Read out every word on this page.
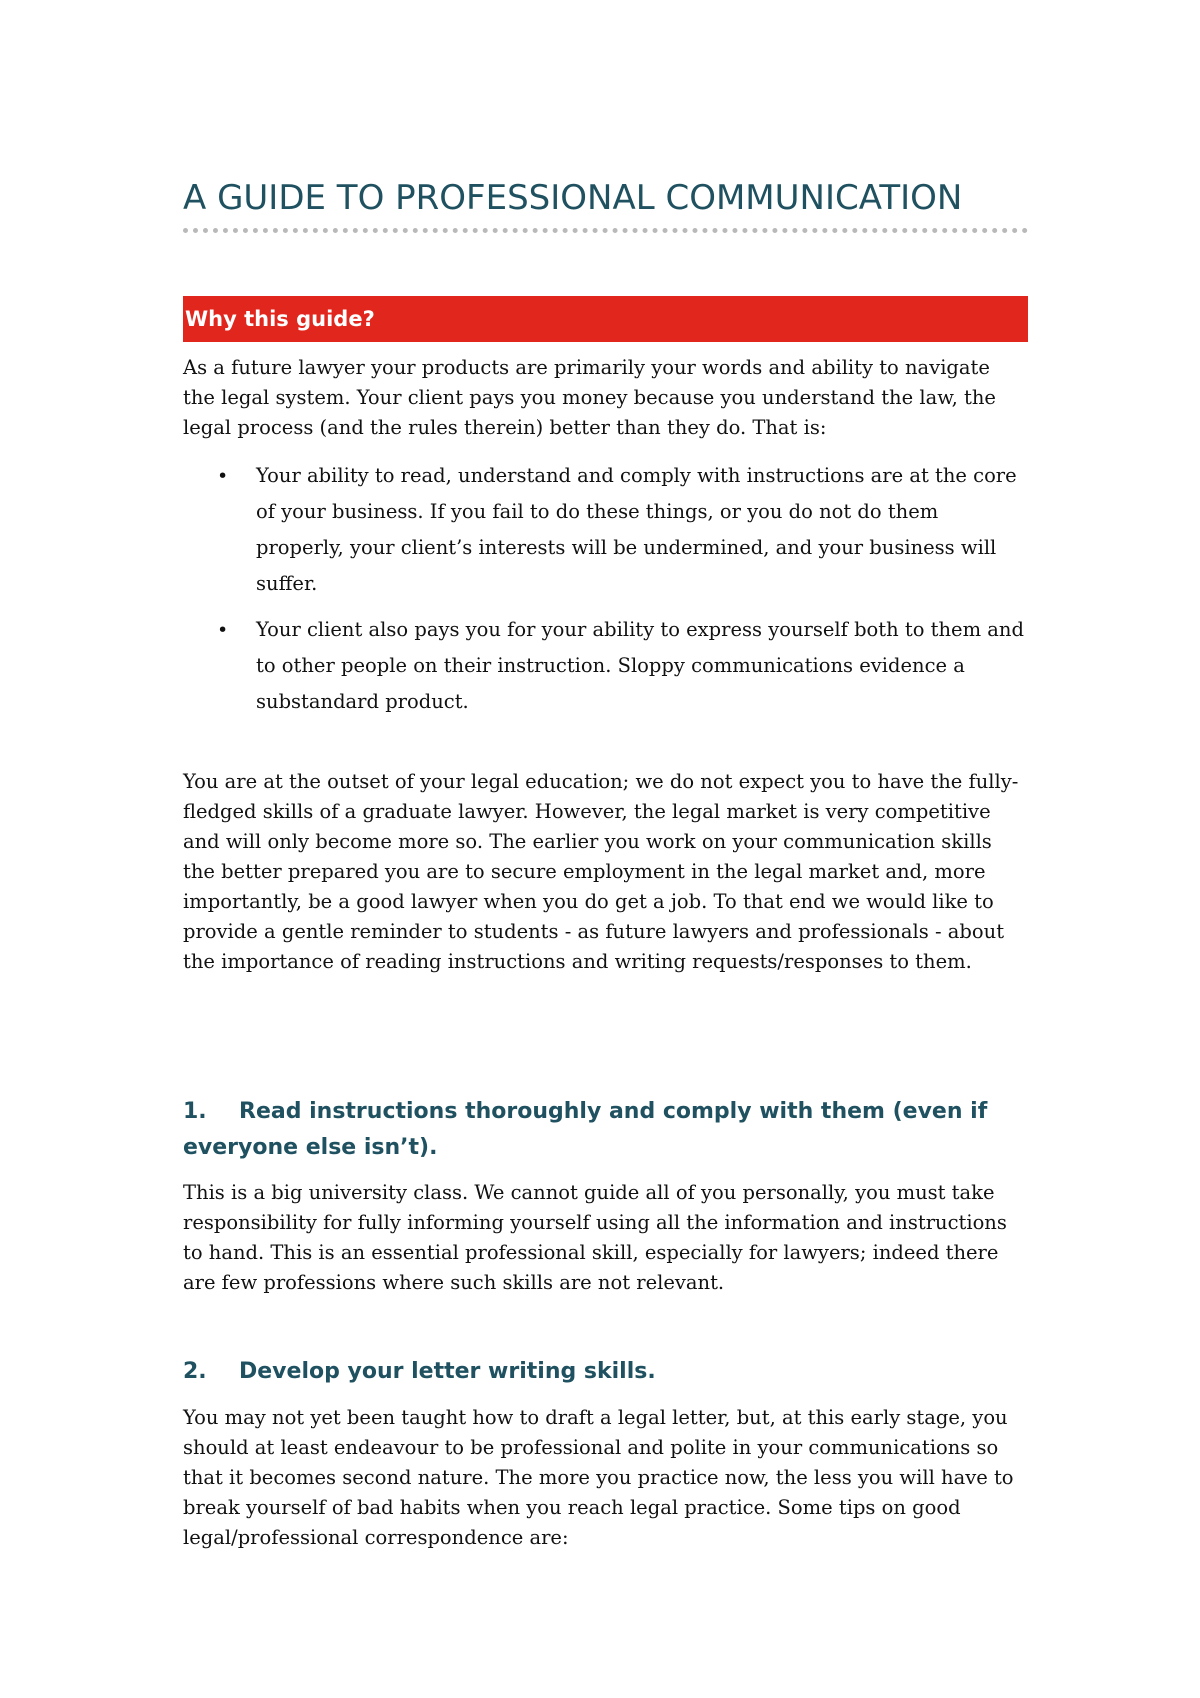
A GUIDE TO PROFESSIONAL COMMUNICATION
Why this guide?

As a future lawyer your products are primarily your words and ability to navigate the legal system. Your client pays you money because you understand the law, the legal process (and the rules therein) better than they do. That is:

• Your ability to read, understand and comply with instructions are at the core of your business. If you fail to do these things, or you do not do them properly, your client’s interests will be undermined, and your business will suffer.
• Your client also pays you for your ability to express yourself both to them and to other people on their instruction. Sloppy communications evidence a substandard product.

You are at the outset of your legal education; we do not expect you to have the fully-fledged skills of a graduate lawyer. However, the legal market is very competitive and will only become more so. The earlier you work on your communication skills the better prepared you are to secure employment in the legal market and, more importantly, be a good lawyer when you do get a job. To that end we would like to provide a gentle reminder to students - as future lawyers and professionals - about the importance of reading instructions and writing requests/responses to them.

1. Read instructions thoroughly and comply with them (even if everyone else isn’t).

This is a big university class. We cannot guide all of you personally, you must take responsibility for fully informing yourself using all the information and instructions to hand. This is an essential professional skill, especially for lawyers; indeed there are few professions where such skills are not relevant.

2. Develop your letter writing skills.

You may not yet been taught how to draft a legal letter, but, at this early stage, you should at least endeavour to be professional and polite in your communications so that it becomes second nature. The more you practice now, the less you will have to break yourself of bad habits when you reach legal practice. Some tips on good legal/professional correspondence are:
